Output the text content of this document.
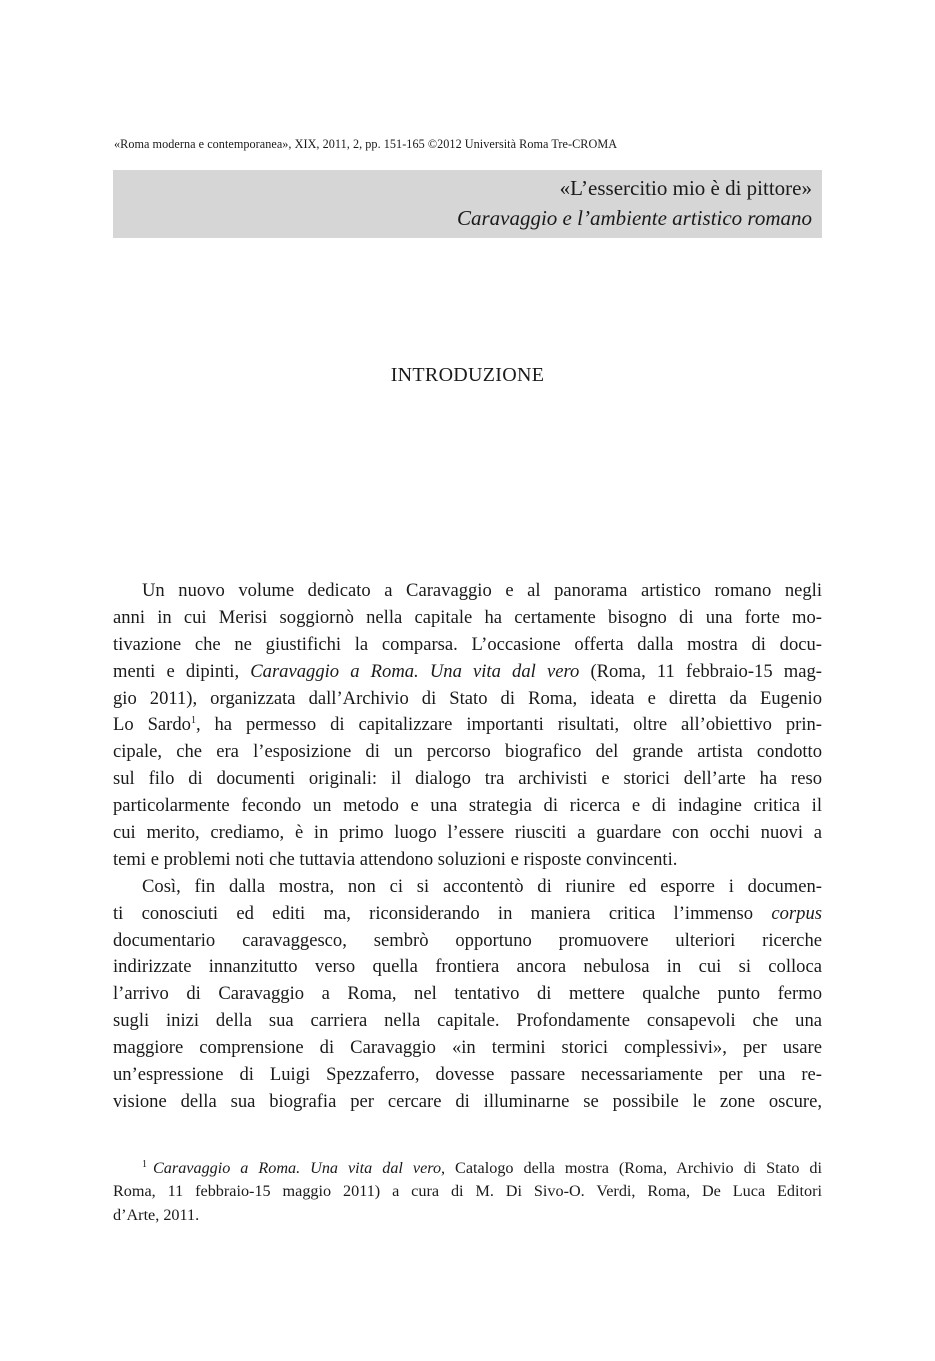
«Roma moderna e contemporanea», XIX, 2011, 2, pp. 151-165 ©2012 Università Roma Tre-CROMA
«L’essercitio mio è di pittore»
Caravaggio e l’ambiente artistico romano
INTRODUZIONE
Un nuovo volume dedicato a Caravaggio e al panorama artistico romano negli
anni in cui Merisi soggiornò nella capitale ha certamente bisogno di una forte mo-
tivazione che ne giustifichi la comparsa. L’occasione offerta dalla mostra di docu-
menti e dipinti, Caravaggio a Roma. Una vita dal vero (Roma, 11 febbraio-15 mag-
gio 2011), organizzata dall’Archivio di Stato di Roma, ideata e diretta da Eugenio
Lo Sardo$^1$, ha permesso di capitalizzare importanti risultati, oltre all’obiettivo prin-
cipale, che era l’esposizione di un percorso biografico del grande artista condotto
sul filo di documenti originali: il dialogo tra archivisti e storici dell’arte ha reso
particolarmente fecondo un metodo e una strategia di ricerca e di indagine critica il
cui merito, crediamo, è in primo luogo l’essere riusciti a guardare con occhi nuovi a
temi e problemi noti che tuttavia attendono soluzioni e risposte convincenti.
Così, fin dalla mostra, non ci si accontentò di riunire ed esporre i documen-
ti conosciuti ed editi ma, riconsiderando in maniera critica l’immenso corpus
documentario caravaggesco, sembrò opportuno promuovere ulteriori ricerche
indirizzate innanzitutto verso quella frontiera ancora nebulosa in cui si colloca
l’arrivo di Caravaggio a Roma, nel tentativo di mettere qualche punto fermo
sugli inizi della sua carriera nella capitale. Profondamente consapevoli che una
maggiore comprensione di Caravaggio «in termini storici complessivi», per usare
un’espressione di Luigi Spezzaferro, dovesse passare necessariamente per una re-
visione della sua biografia per cercare di illuminarne se possibile le zone oscure,
$^1$ Caravaggio a Roma. Una vita dal vero, Catalogo della mostra (Roma, Archivio di Stato di
Roma, 11 febbraio-15 maggio 2011) a cura di M. Di Sivo-O. Verdi, Roma, De Luca Editori
d’Arte, 2011.
